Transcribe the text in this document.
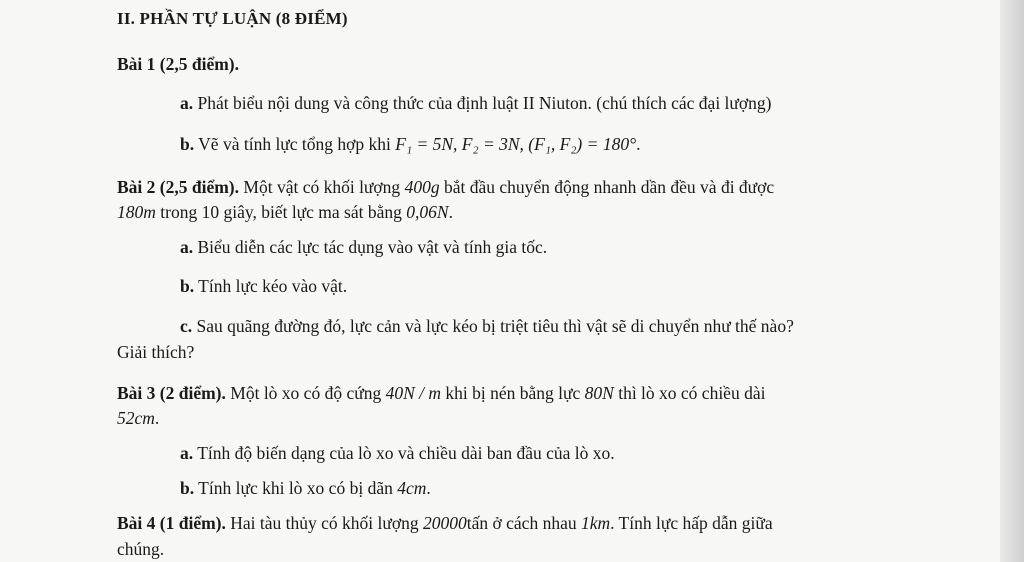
II. PHẦN TỰ LUẬN (8 ĐIỂM)
Bài 1 (2,5 điểm).
a. Phát biểu nội dung và công thức của định luật II Niuton. (chú thích các đại lượng)
b. Vẽ và tính lực tổng hợp khi F₁ = 5N, F₂ = 3N, (F₁, F₂) = 180°.
Bài 2 (2,5 điểm). Một vật có khối lượng 400g bắt đầu chuyển động nhanh dần đều và đi được
180m trong 10 giây, biết lực ma sát bằng 0,06N.
a. Biểu diễn các lực tác dụng vào vật và tính gia tốc.
b. Tính lực kéo vào vật.
c. Sau quãng đường đó, lực cản và lực kéo bị triệt tiêu thì vật sẽ di chuyển như thế nào?
Giải thích?
Bài 3 (2 điểm). Một lò xo có độ cứng 40N / m khi bị nén bằng lực 80N thì lò xo có chiều dài
52cm.
a. Tính độ biến dạng của lò xo và chiều dài ban đầu của lò xo.
b. Tính lực khi lò xo có bị dãn 4cm.
Bài 4 (1 điểm). Hai tàu thủy có khối lượng 20000tấn ở cách nhau 1km. Tính lực hấp dẫn giữa
chúng.
